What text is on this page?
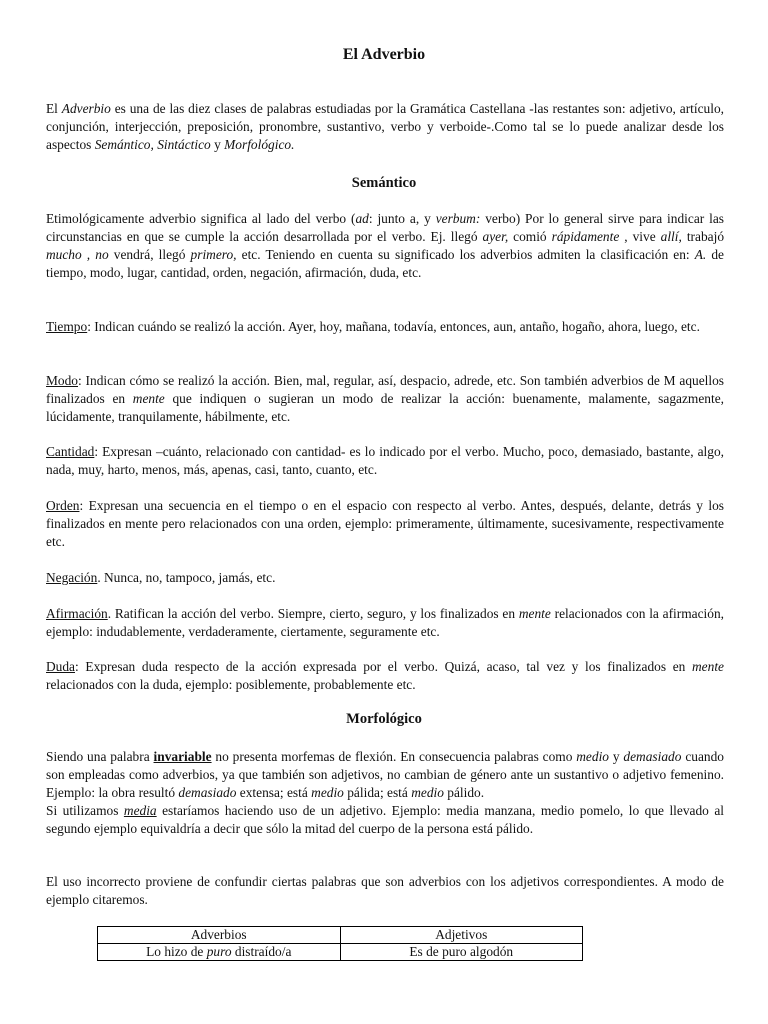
El Adverbio

El Adverbio es una de las diez clases de palabras estudiadas por la Gramática Castellana -las restantes son: adjetivo, artículo, conjunción, interjección, preposición, pronombre, sustantivo, verbo y verboide-.Como tal se lo puede analizar desde los aspectos Semántico, Sintáctico y Morfológico.

Semántico

Etimológicamente adverbio significa al lado del verbo (ad: junto a, y verbum: verbo) Por lo general sirve para indicar las circunstancias en que se cumple la acción desarrollada por el verbo. Ej. llegó ayer, comió rápidamente , vive allí, trabajó mucho , no vendrá, llegó primero, etc. Teniendo en cuenta su significado los adverbios admiten la clasificación en: A. de tiempo, modo, lugar, cantidad, orden, negación, afirmación, duda, etc.

Tiempo: Indican cuándo se realizó la acción. Ayer, hoy, mañana, todavía, entonces, aun, antaño, hogaño, ahora, luego, etc.

Modo: Indican cómo se realizó la acción. Bien, mal, regular, así, despacio, adrede, etc. Son también adverbios de M aquellos finalizados en mente que indiquen o sugieran un modo de realizar la acción: buenamente, malamente, sagazmente, lúcidamente, tranquilamente, hábilmente, etc.

Cantidad: Expresan –cuánto, relacionado con cantidad- es lo indicado por el verbo. Mucho, poco, demasiado, bastante, algo, nada, muy, harto, menos, más, apenas, casi, tanto, cuanto, etc.

Orden: Expresan una secuencia en el tiempo o en el espacio con respecto al verbo. Antes, después, delante, detrás y los finalizados en mente pero relacionados con una orden, ejemplo: primeramente, últimamente, sucesivamente, respectivamente etc.

Negación. Nunca, no, tampoco, jamás, etc.

Afirmación. Ratifican la acción del verbo. Siempre, cierto, seguro, y los finalizados en mente relacionados con la afirmación, ejemplo: indudablemente, verdaderamente, ciertamente, seguramente etc.

Duda: Expresan duda respecto de la acción expresada por el verbo. Quizá, acaso, tal vez y los finalizados en mente relacionados con la duda, ejemplo: posiblemente, probablemente etc.

Morfológico

Siendo una palabra invariable no presenta morfemas de flexión. En consecuencia palabras como medio y demasiado cuando son empleadas como adverbios, ya que también son adjetivos, no cambian de género ante un sustantivo o adjetivo femenino. Ejemplo: la obra resultó demasiado extensa; está medio pálida; está medio pálido.

Si utilizamos media estaríamos haciendo uso de un adjetivo. Ejemplo: media manzana, medio pomelo, lo que llevado al segundo ejemplo equivaldría a decir que sólo la mitad del cuerpo de la persona está pálido.

El uso incorrecto proviene de confundir ciertas palabras que son adverbios con los adjetivos correspondientes. A modo de ejemplo citaremos.
Adverbios	Adjetivos
Lo hizo de puro distraído/a	Es de puro algodón
